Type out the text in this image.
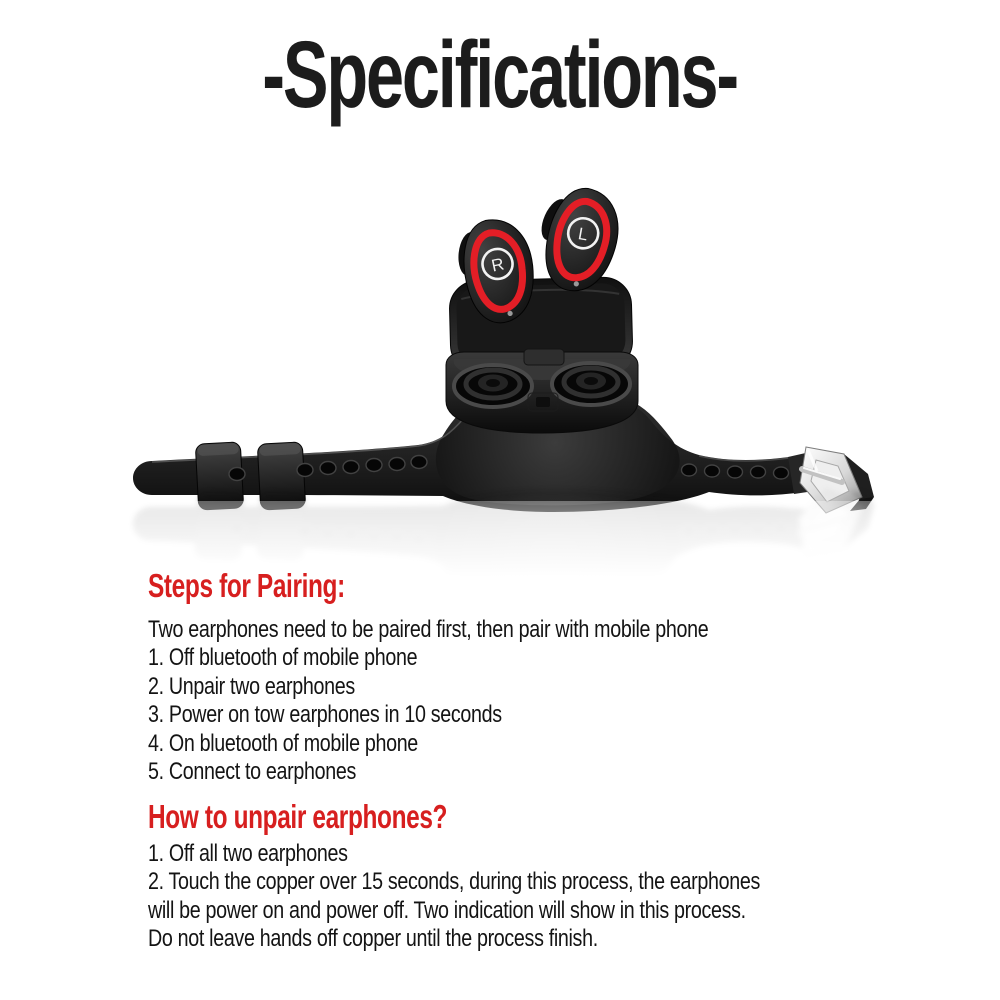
-Specifications-
R
L
Steps for Pairing:

Two earphones need to be paired first, then pair with mobile phone

1. Off bluetooth of mobile phone

2. Unpair two earphones

3. Power on tow earphones in 10 seconds

4. On bluetooth of mobile phone

5. Connect to earphones

How to unpair earphones?

1. Off all two earphones

2. Touch the copper over 15 seconds, during this process, the earphones

will be power on and power off. Two indication will show in this process.

Do not leave hands off copper until the process finish.
